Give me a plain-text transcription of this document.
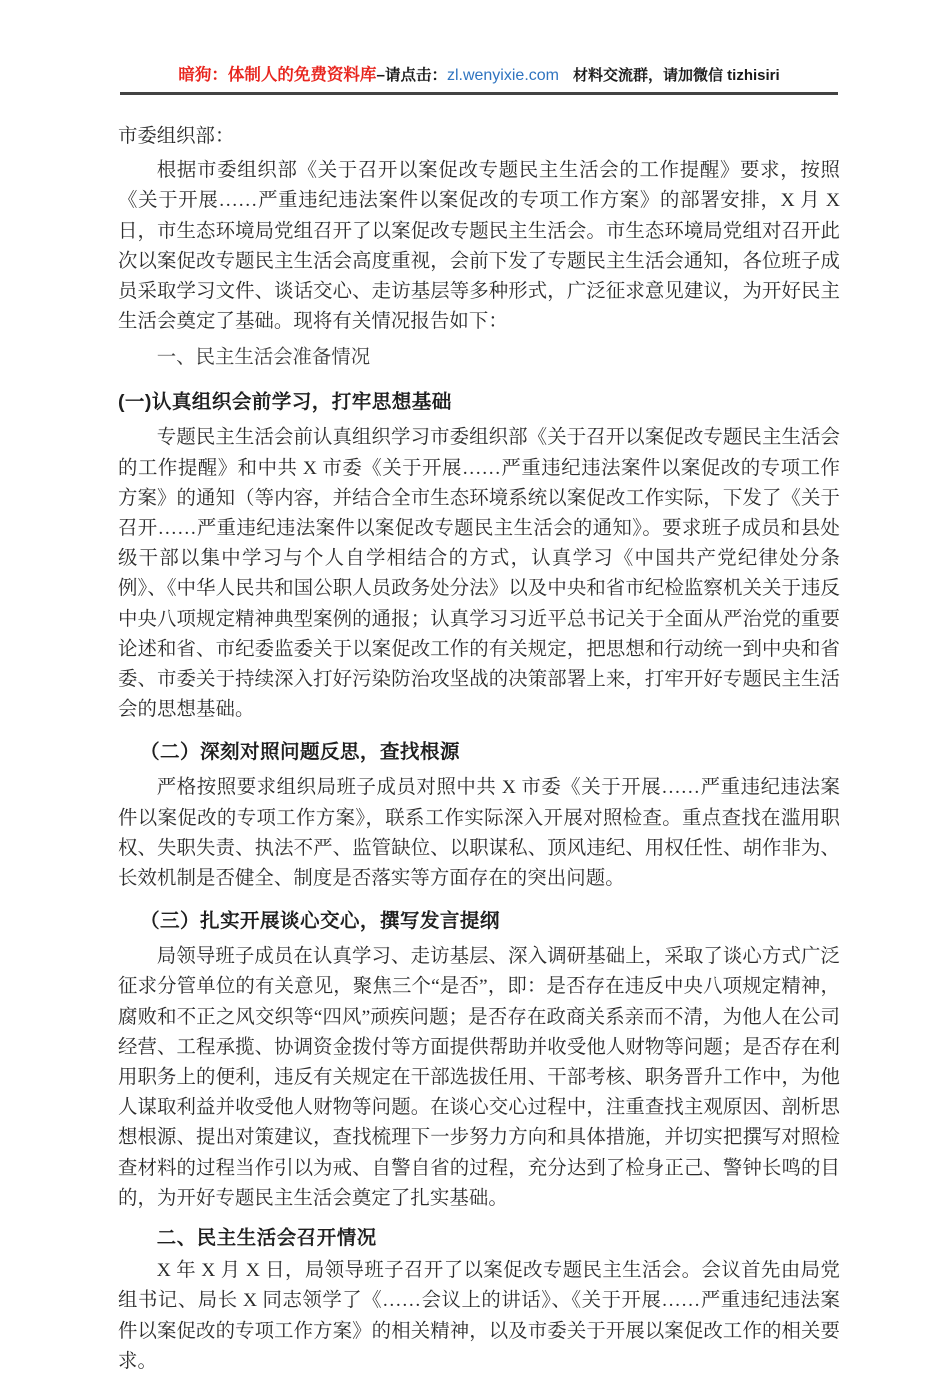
暗狗：体制人的免费资料库–请点击：zl.wenyixie.com 材料交流群，请加微信 tizhisiri

市委组织部：

根据市委组织部《关于召开以案促改专题民主生活会的工作提醒》要求，按照《关于开展……严重违纪违法案件以案促改的专项工作方案》的部署安排，X 月 X 日，市生态环境局党组召开了以案促改专题民主生活会。市生态环境局党组对召开此次以案促改专题民主生活会高度重视，会前下发了专题民主生活会通知，各位班子成员采取学习文件、谈话交心、走访基层等多种形式，广泛征求意见建议，为开好民主生活会奠定了基础。现将有关情况报告如下：

一、民主生活会准备情况
(一)认真组织会前学习，打牢思想基础

专题民主生活会前认真组织学习市委组织部《关于召开以案促改专题民主生活会的工作提醒》和中共 X 市委《关于开展……严重违纪违法案件以案促改的专项工作方案》的通知（等内容，并结合全市生态环境系统以案促改工作实际，下发了《关于召开……严重违纪违法案件以案促改专题民主生活会的通知》。要求班子成员和县处级干部以集中学习与个人自学相结合的方式，认真学习《中国共产党纪律处分条例》、《中华人民共和国公职人员政务处分法》以及中央和省市纪检监察机关关于违反中央八项规定精神典型案例的通报；认真学习习近平总书记关于全面从严治党的重要论述和省、市纪委监委关于以案促改工作的有关规定，把思想和行动统一到中央和省委、市委关于持续深入打好污染防治攻坚战的决策部署上来，打牢开好专题民主生活会的思想基础。

（二）深刻对照问题反思，查找根源

严格按照要求组织局班子成员对照中共 X 市委《关于开展……严重违纪违法案件以案促改的专项工作方案》，联系工作实际深入开展对照检查。重点查找在滥用职权、失职失责、执法不严、监管缺位、以职谋私、顶风违纪、用权任性、胡作非为、长效机制是否健全、制度是否落实等方面存在的突出问题。

（三）扎实开展谈心交心，撰写发言提纲

局领导班子成员在认真学习、走访基层、深入调研基础上，采取了谈心方式广泛征求分管单位的有关意见，聚焦三个“是否”，即：是否存在违反中央八项规定精神，腐败和不正之风交织等“四风”顽疾问题；是否存在政商关系亲而不清，为他人在公司经营、工程承揽、协调资金拨付等方面提供帮助并收受他人财物等问题；是否存在利用职务上的便利，违反有关规定在干部选拔任用、干部考核、职务晋升工作中，为他人谋取利益并收受他人财物等问题。在谈心交心过程中，注重查找主观原因、剖析思想根源、提出对策建议，查找梳理下一步努力方向和具体措施，并切实把撰写对照检查材料的过程当作引以为戒、自警自省的过程，充分达到了检身正己、警钟长鸣的目的，为开好专题民主生活会奠定了扎实基础。

二、民主生活会召开情况

X 年 X 月 X 日，局领导班子召开了以案促改专题民主生活会。会议首先由局党组书记、局长 X 同志领学了《……会议上的讲话》、《关于开展……严重违纪违法案件以案促改的专项工作方案》的相关精神，以及市委关于开展以案促改工作的相关要求。
